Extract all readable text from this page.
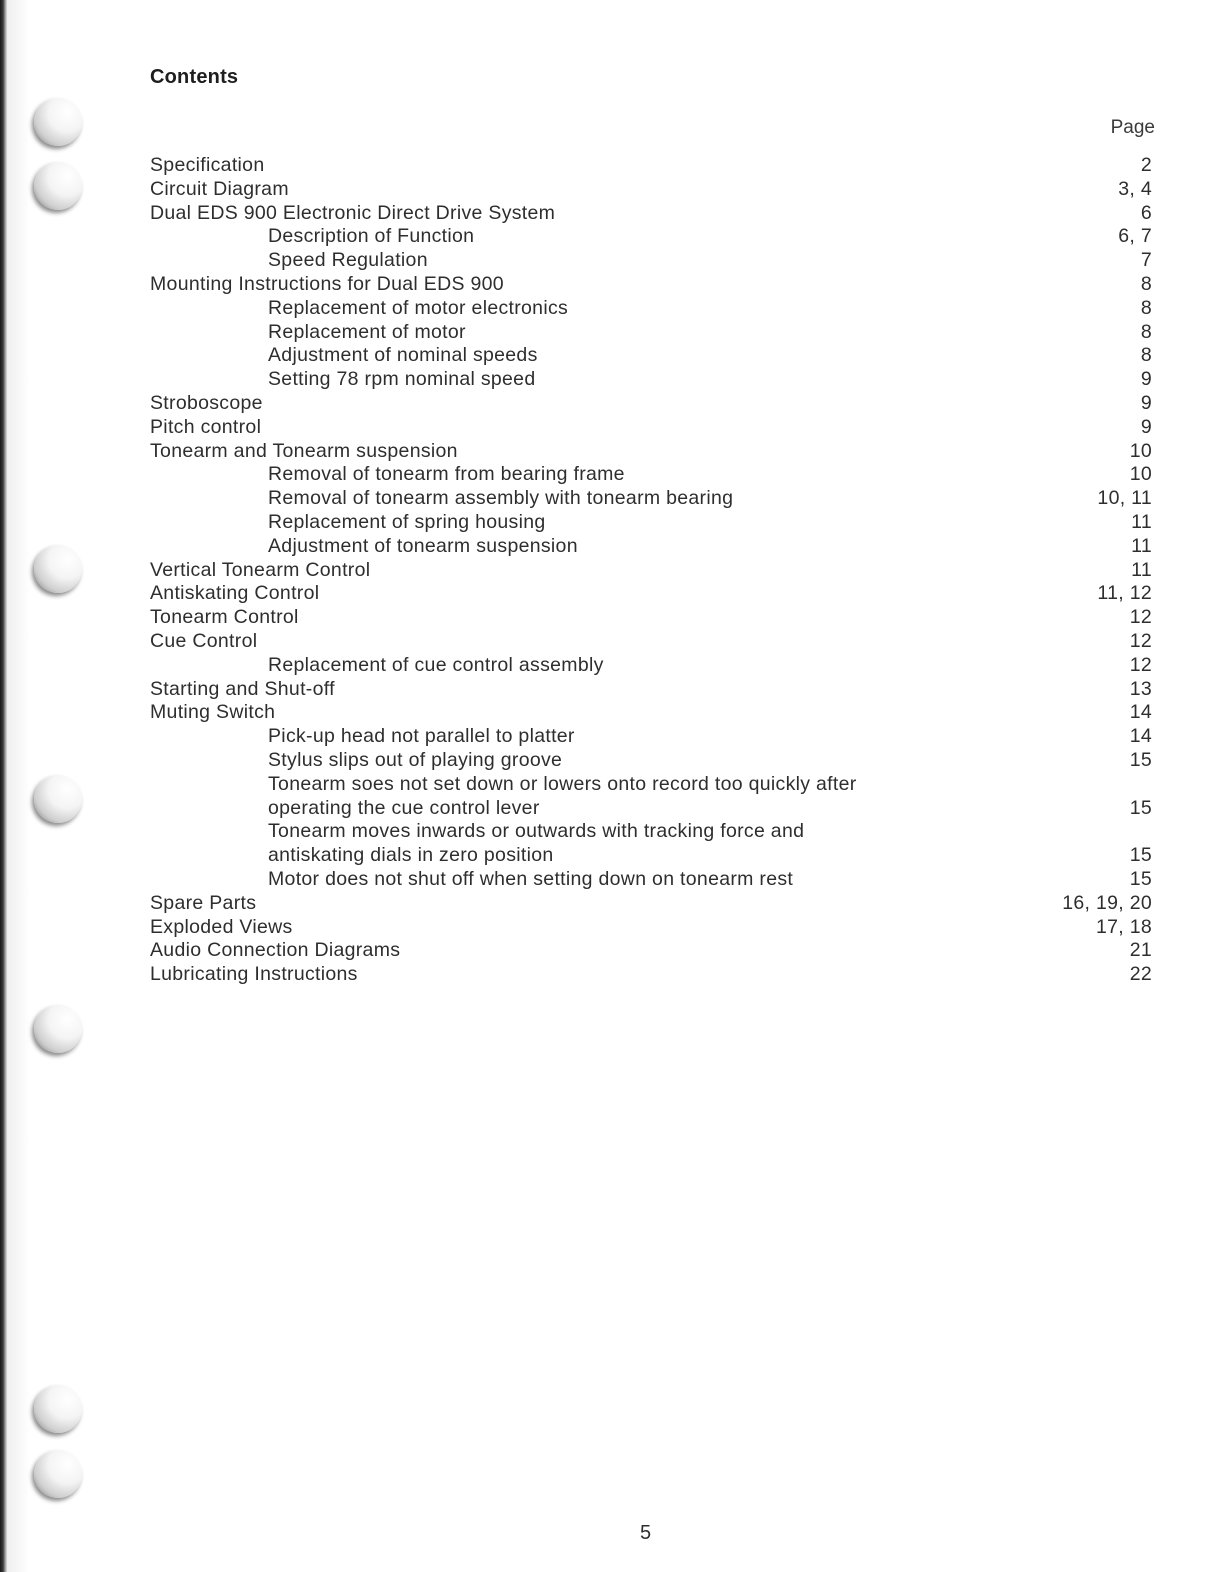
Contents
Page
Specification	2
Circuit Diagram	3, 4
Dual EDS 900 Electronic Direct Drive System	6
Description of Function	6, 7
Speed Regulation	7
Mounting Instructions for Dual EDS 900	8
Replacement of motor electronics	8
Replacement of motor	8
Adjustment of nominal speeds	8
Setting 78 rpm nominal speed	9
Stroboscope	9
Pitch control	9
Tonearm and Tonearm suspension	10
Removal of tonearm from bearing frame	10
Removal of tonearm assembly with tonearm bearing	10, 11
Replacement of spring housing	11
Adjustment of tonearm suspension	11
Vertical Tonearm Control	11
Antiskating Control	11, 12
Tonearm Control	12
Cue Control	12
Replacement of cue control assembly	12
Starting and Shut-off	13
Muting Switch	14
Pick-up head not parallel to platter	14
Stylus slips out of playing groove	15
Tonearm soes not set down or lowers onto record too quickly after
operating the cue control lever	15
Tonearm moves inwards or outwards with tracking force and
antiskating dials in zero position	15
Motor does not shut off when setting down on tonearm rest	15
Spare Parts	16, 19, 20
Exploded Views	17, 18
Audio Connection Diagrams	21
Lubricating Instructions	22
5
